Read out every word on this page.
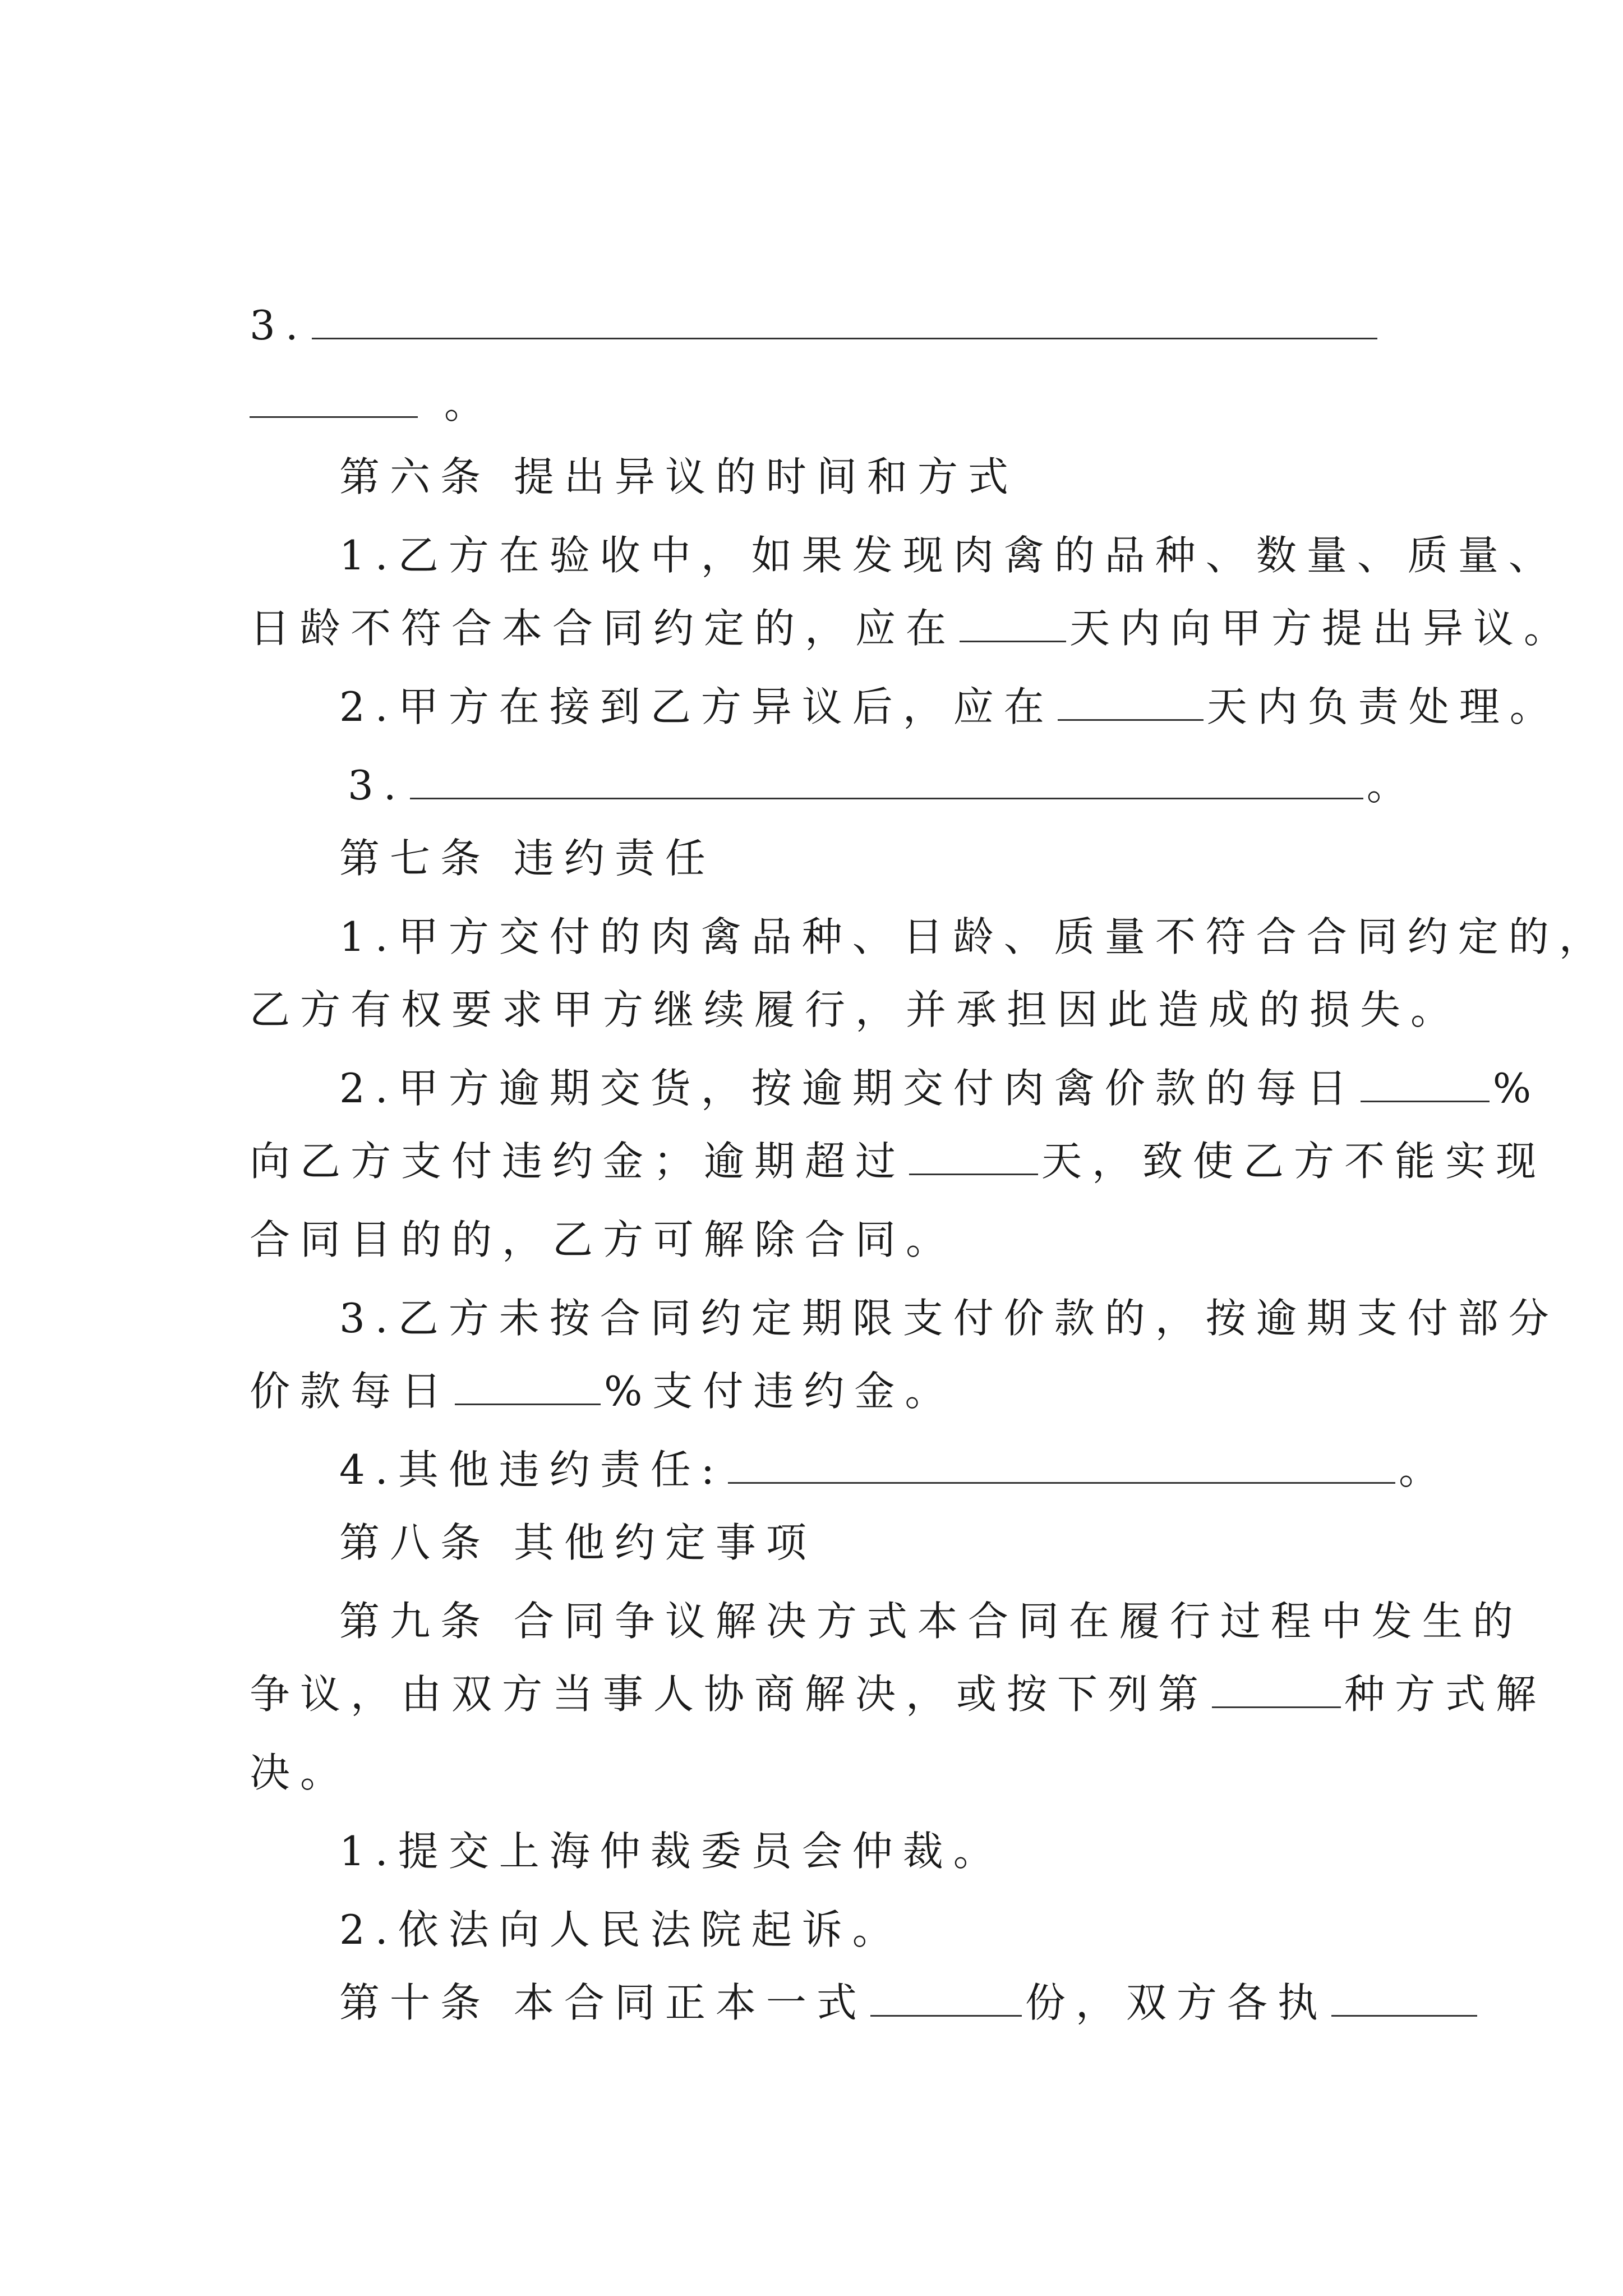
3.
。
第六条 提出异议的时间和方式
1.乙方在验收中，如果发现肉禽的品种、数量、质量、
日龄不符合本合同约定的，应在	天内向甲方提出异议。
2.甲方在接到乙方异议后，应在	天内负责处理。
3.	。
第七条 违约责任
1.甲方交付的肉禽品种、日龄、质量不符合合同约定的，
乙方有权要求甲方继续履行，并承担因此造成的损失。
2.甲方逾期交货，按逾期交付肉禽价款的每日	%
向乙方支付违约金；逾期超过	天，致使乙方不能实现
合同目的的，乙方可解除合同。
3.乙方未按合同约定期限支付价款的，按逾期支付部分
价款每日	%支付违约金。
4.其他违约责任:	。
第八条 其他约定事项
第九条 合同争议解决方式本合同在履行过程中发生的
争议，由双方当事人协商解决，或按下列第	种方式解
决。
1.提交上海仲裁委员会仲裁。
2.依法向人民法院起诉。
第十条 本合同正本一式	份，双方各执
